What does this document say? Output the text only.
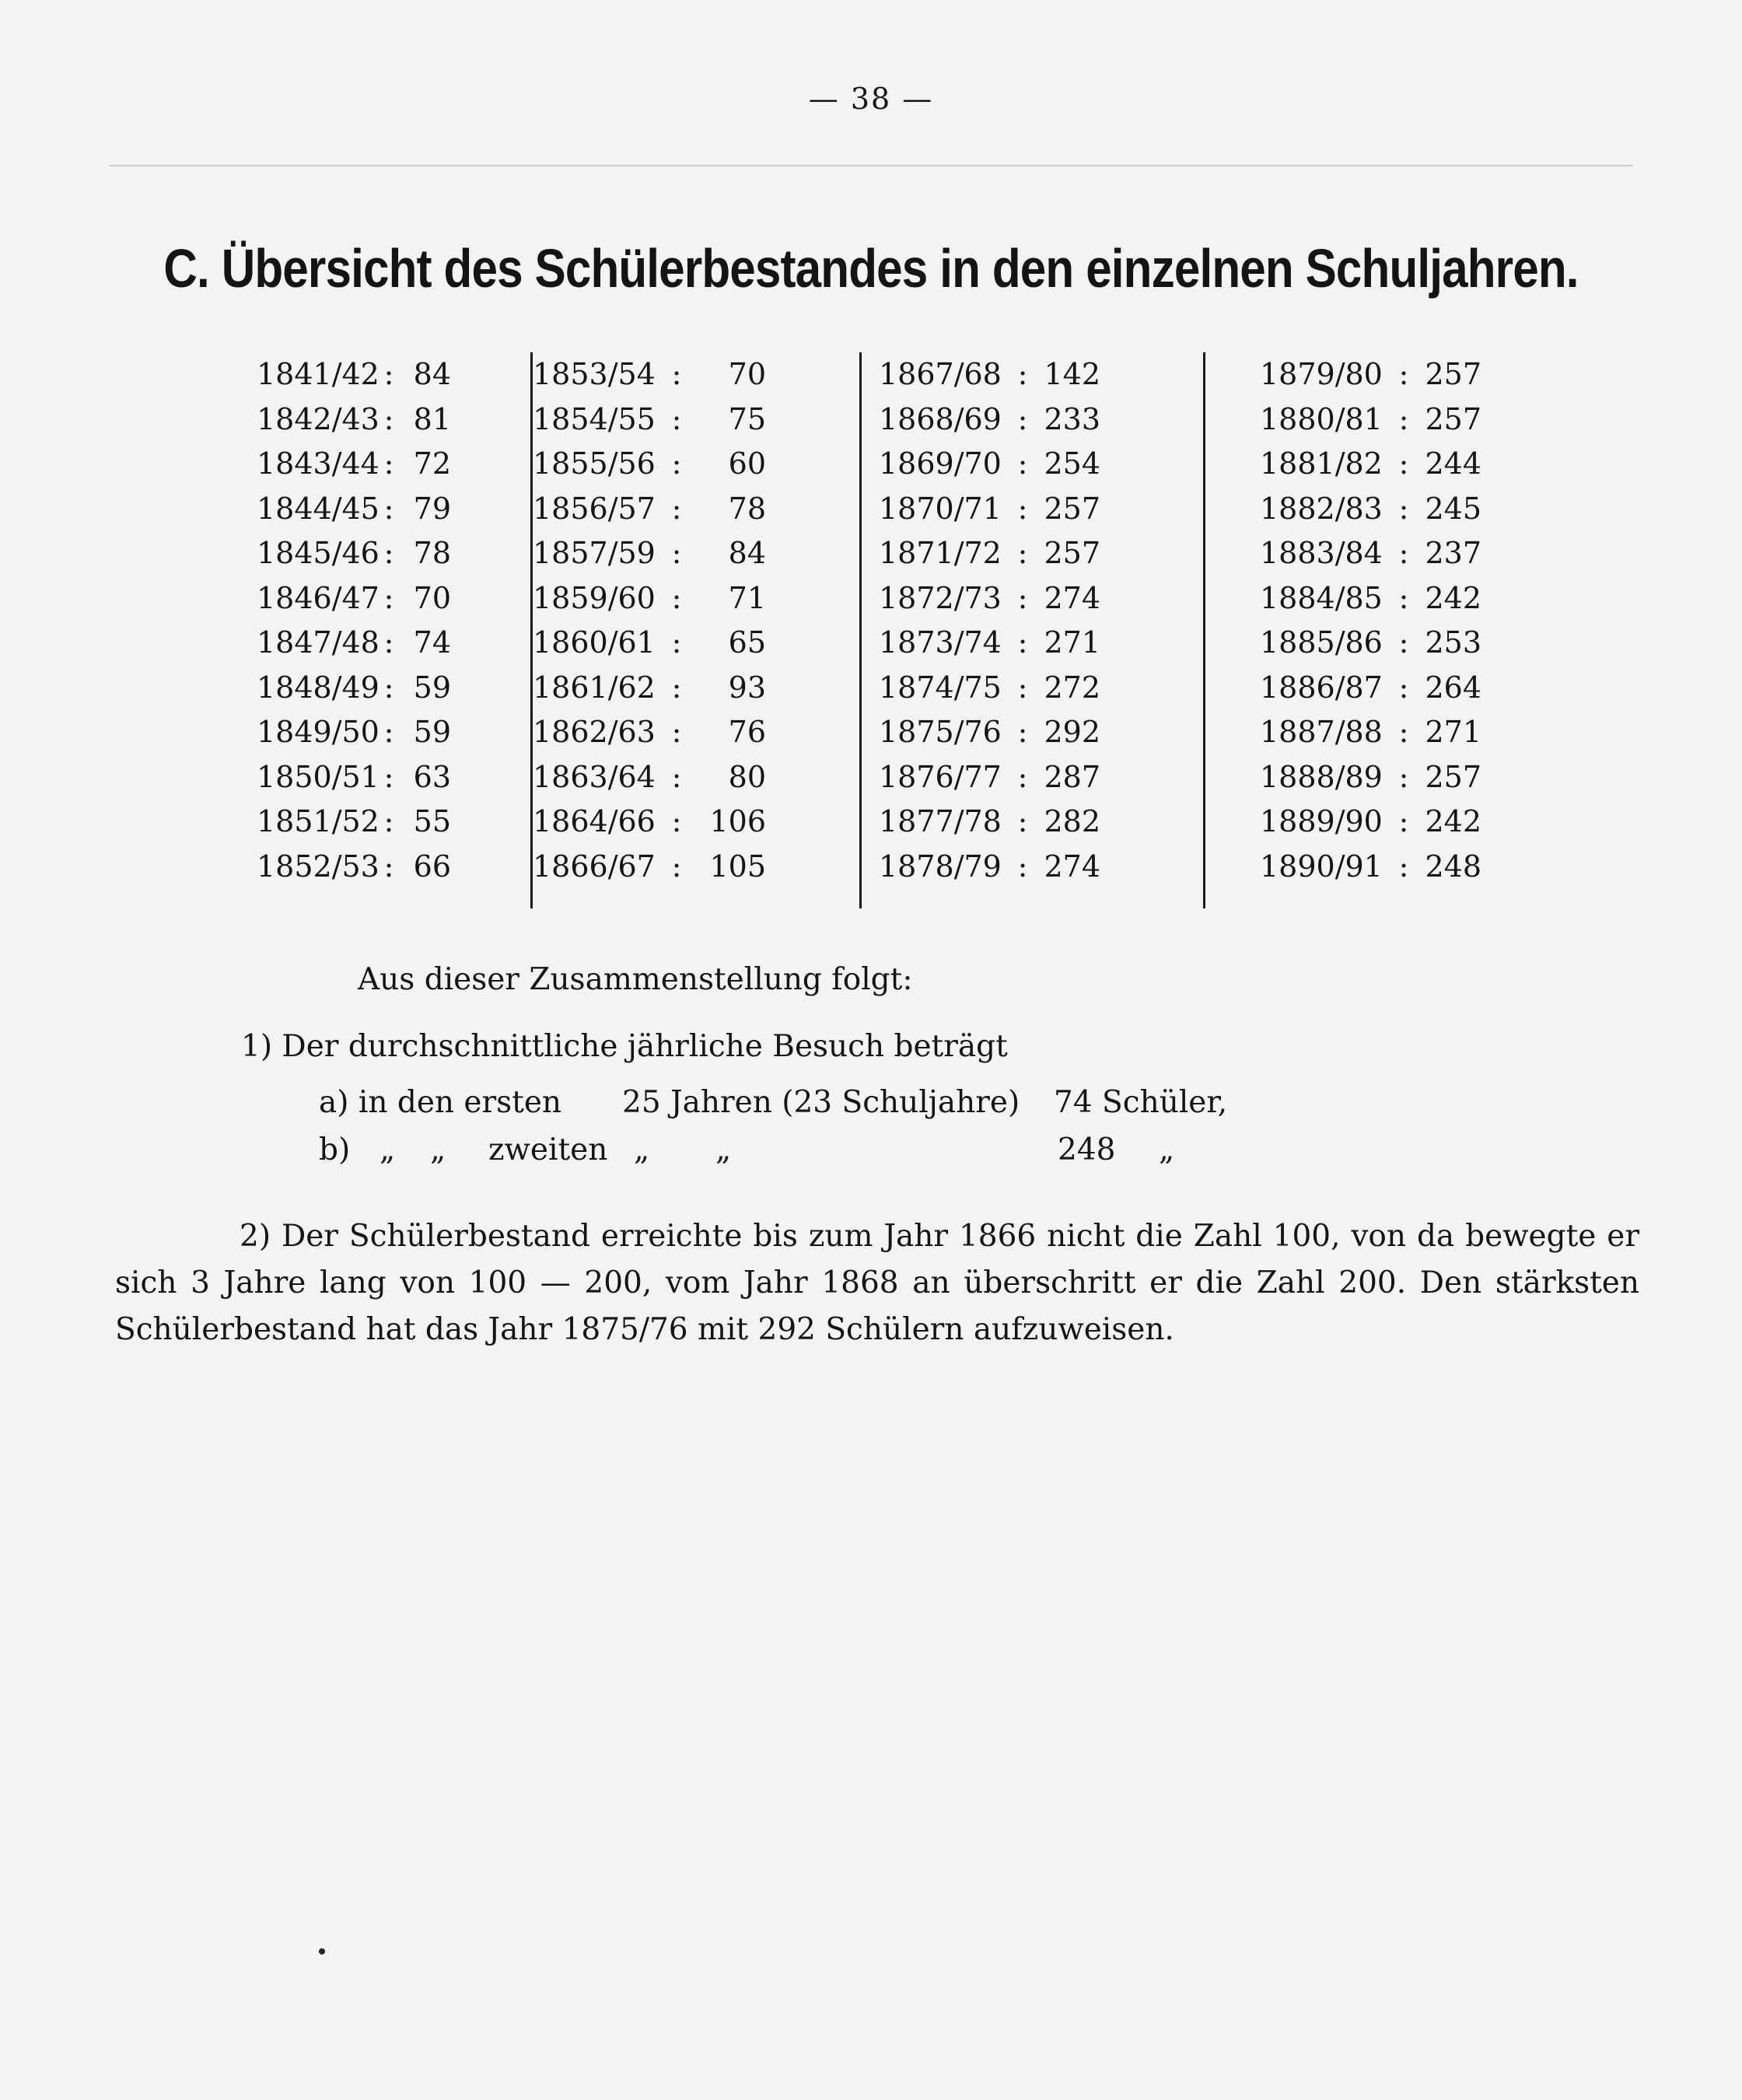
— 38 —
C. Übersicht des Schülerbestandes in den einzelnen Schuljahren.
1841/42 : 84
1842/43 : 81
1843/44 : 72
1844/45 : 79
1845/46 : 78
1846/47 : 70
1847/48 : 74
1848/49 : 59
1849/50 : 59
1850/51 : 63
1851/52 : 55
1852/53 : 66
1853/54 : 70
1854/55 : 75
1855/56 : 60
1856/57 : 78
1857/59 : 84
1859/60 : 71
1860/61 : 65
1861/62 : 93
1862/63 : 76
1863/64 : 80
1864/66 : 106
1866/67 : 105
1867/68 : 142
1868/69 : 233
1869/70 : 254
1870/71 : 257
1871/72 : 257
1872/73 : 274
1873/74 : 271
1874/75 : 272
1875/76 : 292
1876/77 : 287
1877/78 : 282
1878/79 : 274
1879/80 : 257
1880/81 : 257
1881/82 : 244
1882/83 : 245
1883/84 : 237
1884/85 : 242
1885/86 : 253
1886/87 : 264
1887/88 : 271
1888/89 : 257
1889/90 : 242
1890/91 : 248
Aus dieser Zusammenstellung folgt:
1) Der durchschnittliche jährliche Besuch beträgt
a) in den ersten 25 Jahren (23 Schuljahre) 74 Schüler,
b) „ „ zweiten „ „	248 „
2) Der Schülerbestand erreichte bis zum Jahr 1866 nicht die Zahl 100, von da bewegte er sich 3 Jahre lang von 100 — 200, vom Jahr 1868 an überschritt er die Zahl 200. Den stärksten Schülerbestand hat das Jahr 1875/76 mit 292 Schülern aufzuweisen.
